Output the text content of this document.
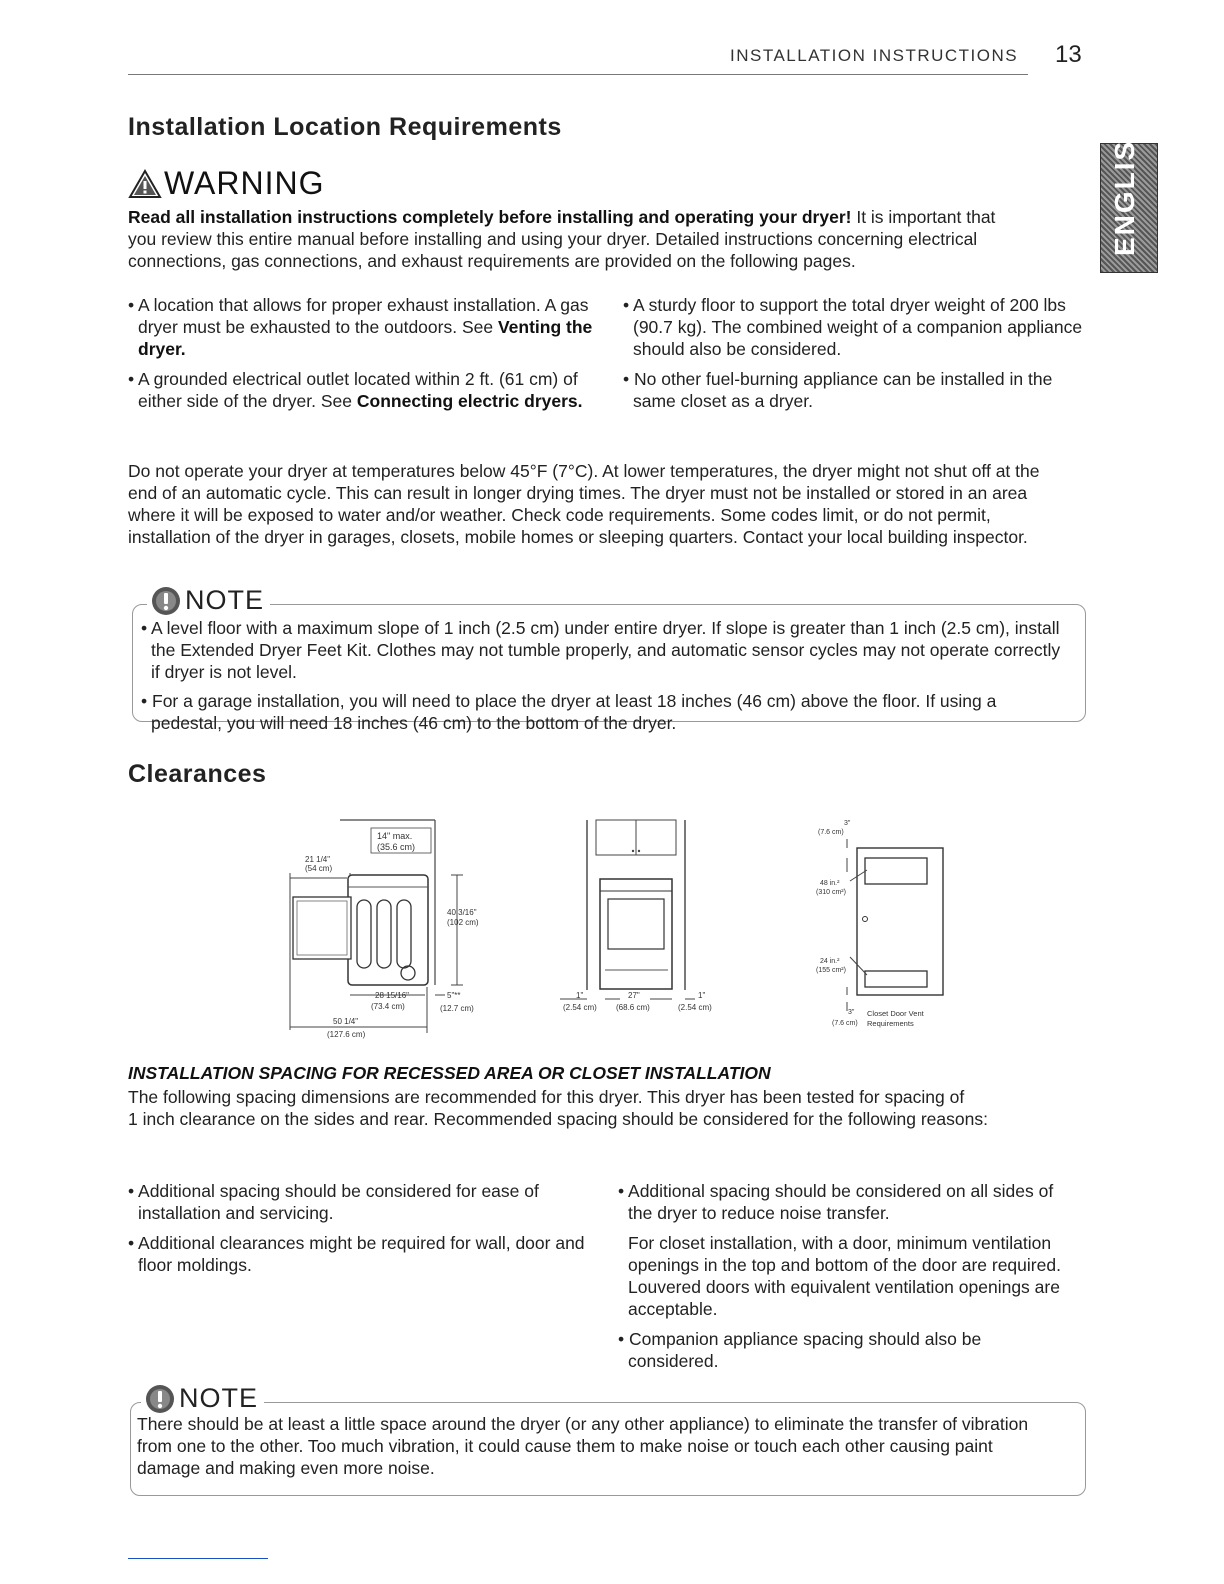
INSTALLATION INSTRUCTIONS 13
ENGLISH
Installation Location Requirements
WARNING
Read all installation instructions completely before installing and operating your dryer! It is important that
you review this entire manual before installing and using your dryer. Detailed instructions concerning electrical
connections, gas connections, and exhaust requirements are provided on the following pages.
• A location that allows for proper exhaust installation. A gas dryer must be exhausted to the outdoors. See Venting the dryer.
• A grounded electrical outlet located within 2 ft. (61 cm) of either side of the dryer. See Connecting electric dryers.
• A sturdy floor to support the total dryer weight of 200 lbs (90.7 kg). The combined weight of a companion appliance should also be considered.
• No other fuel-burning appliance can be installed in the same closet as a dryer.
Do not operate your dryer at temperatures below 45°F (7°C). At lower temperatures, the dryer might not shut off at the end of an automatic cycle. This can result in longer drying times. The dryer must not be installed or stored in an area where it will be exposed to water and/or weather. Check code requirements. Some codes limit, or do not permit, installation of the dryer in garages, closets, mobile homes or sleeping quarters. Contact your local building inspector.
NOTE
• A level floor with a maximum slope of 1 inch (2.5 cm) under entire dryer. If slope is greater than 1 inch (2.5 cm), install the Extended Dryer Feet Kit. Clothes may not tumble properly, and automatic sensor cycles may not operate correctly if dryer is not level.
• For a garage installation, you will need to place the dryer at least 18 inches (46 cm) above the floor. If using a pedestal, you will need 18 inches (46 cm) to the bottom of the dryer.
Clearances
14" max.
(35.6 cm)
21 1/4"
(54 cm)
40 3/16"
(102 cm)
28 15/16"
(73.4 cm)
5"**
(12.7 cm)
50 1/4"
(127.6 cm)
1"
(2.54 cm)
27"
(68.6 cm)
1"
(2.54 cm)
3"
(7.6 cm)
48 in.²
(310 cm²)
24 in.²
(155 cm²)
3"
(7.6 cm)
Closet Door Vent
Requirements
INSTALLATION SPACING FOR RECESSED AREA OR CLOSET INSTALLATION
The following spacing dimensions are recommended for this dryer. This dryer has been tested for spacing of
1 inch clearance on the sides and rear. Recommended spacing should be considered for the following reasons:
• Additional spacing should be considered for ease of installation and servicing.
• Additional clearances might be required for wall, door and floor moldings.
• Additional spacing should be considered on all sides of the dryer to reduce noise transfer.
For closet installation, with a door, minimum ventilation openings in the top and bottom of the door are required. Louvered doors with equivalent ventilation openings are acceptable.
• Companion appliance spacing should also be considered.
NOTE
There should be at least a little space around the dryer (or any other appliance) to eliminate the transfer of vibration from one to the other. Too much vibration, it could cause them to make noise or touch each other causing paint damage and making even more noise.
